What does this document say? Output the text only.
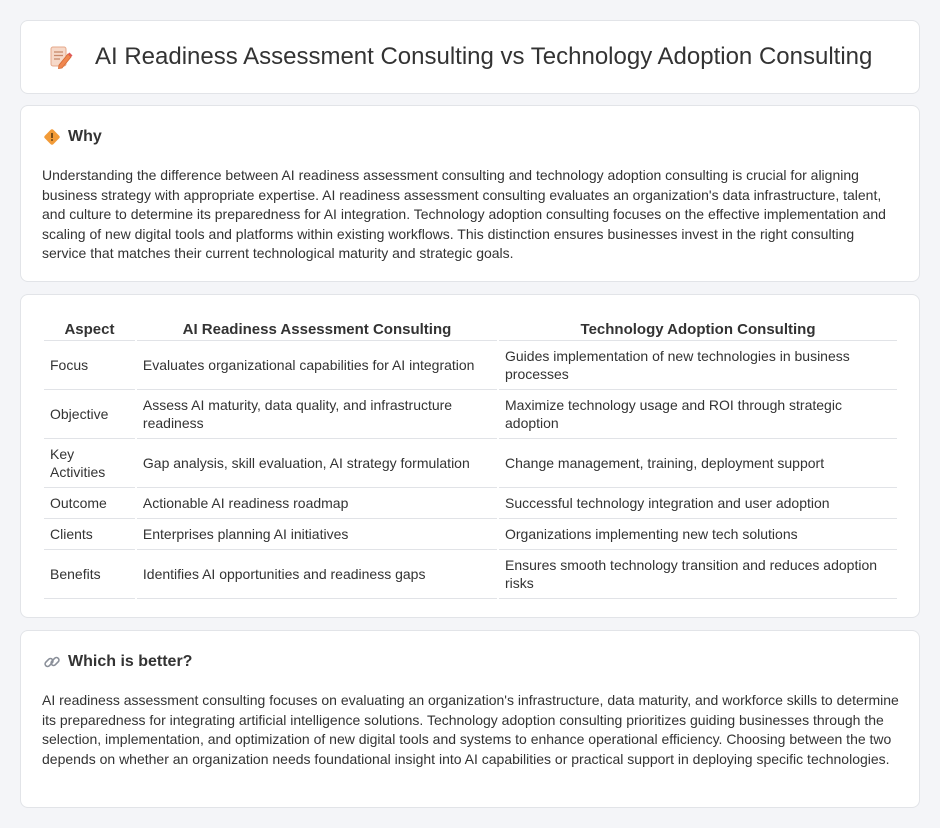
AI Readiness Assessment Consulting vs Technology Adoption Consulting
Why

Understanding the difference between AI readiness assessment consulting and technology adoption consulting is crucial for aligning business strategy with appropriate expertise. AI readiness assessment consulting evaluates an organization's data infrastructure, talent, and culture to determine its preparedness for AI integration. Technology adoption consulting focuses on the effective implementation and scaling of new digital tools and platforms within existing workflows. This distinction ensures businesses invest in the right consulting service that matches their current technological maturity and strategic goals.

Aspect	AI Readiness Assessment Consulting	Technology Adoption Consulting
Focus	Evaluates organizational capabilities for AI integration	Guides implementation of new technologies in business processes
Objective	Assess AI maturity, data quality, and infrastructure readiness	Maximize technology usage and ROI through strategic adoption
Key Activities	Gap analysis, skill evaluation, AI strategy formulation	Change management, training, deployment support
Outcome	Actionable AI readiness roadmap	Successful technology integration and user adoption
Clients	Enterprises planning AI initiatives	Organizations implementing new tech solutions
Benefits	Identifies AI opportunities and readiness gaps	Ensures smooth technology transition and reduces adoption risks
Which is better?

AI readiness assessment consulting focuses on evaluating an organization's infrastructure, data maturity, and workforce skills to determine its preparedness for integrating artificial intelligence solutions. Technology adoption consulting prioritizes guiding businesses through the selection, implementation, and optimization of new digital tools and systems to enhance operational efficiency. Choosing between the two depends on whether an organization needs foundational insight into AI capabilities or practical support in deploying specific technologies.
